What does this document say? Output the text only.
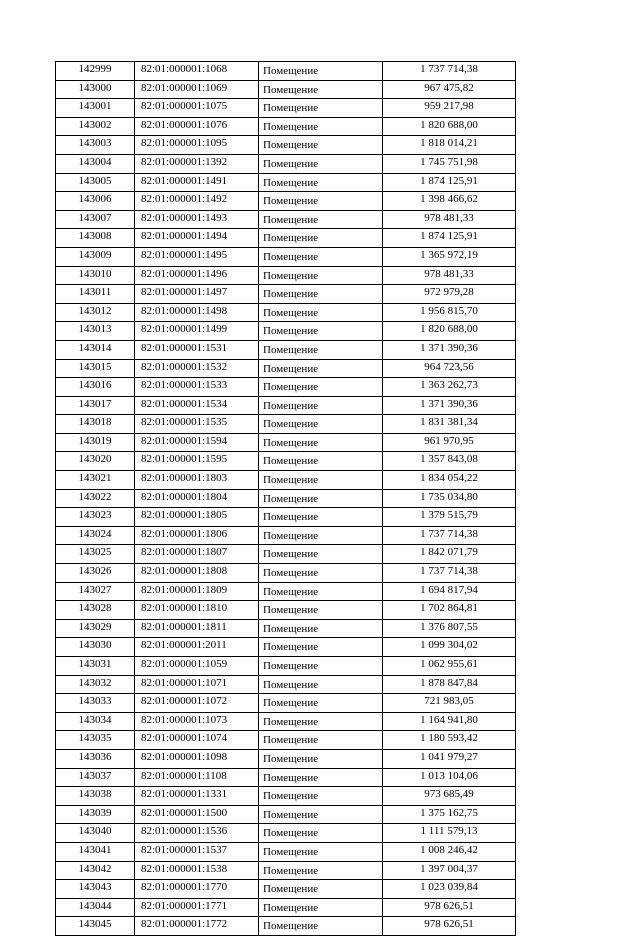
142999	82:01:000001:1068	Помещение	1 737 714,38
143000	82:01:000001:1069	Помещение	967 475,82
143001	82:01:000001:1075	Помещение	959 217,98
143002	82:01:000001:1076	Помещение	1 820 688,00
143003	82:01:000001:1095	Помещение	1 818 014,21
143004	82:01:000001:1392	Помещение	1 745 751,98
143005	82:01:000001:1491	Помещение	1 874 125,91
143006	82:01:000001:1492	Помещение	1 398 466,62
143007	82:01:000001:1493	Помещение	978 481,33
143008	82:01:000001:1494	Помещение	1 874 125,91
143009	82:01:000001:1495	Помещение	1 365 972,19
143010	82:01:000001:1496	Помещение	978 481,33
143011	82:01:000001:1497	Помещение	972 979,28
143012	82:01:000001:1498	Помещение	1 956 815,70
143013	82:01:000001:1499	Помещение	1 820 688,00
143014	82:01:000001:1531	Помещение	1 371 390,36
143015	82:01:000001:1532	Помещение	964 723,56
143016	82:01:000001:1533	Помещение	1 363 262,73
143017	82:01:000001:1534	Помещение	1 371 390,36
143018	82:01:000001:1535	Помещение	1 831 381,34
143019	82:01:000001:1594	Помещение	961 970,95
143020	82:01:000001:1595	Помещение	1 357 843,08
143021	82:01:000001:1803	Помещение	1 834 054,22
143022	82:01:000001:1804	Помещение	1 735 034,80
143023	82:01:000001:1805	Помещение	1 379 515,79
143024	82:01:000001:1806	Помещение	1 737 714,38
143025	82:01:000001:1807	Помещение	1 842 071,79
143026	82:01:000001:1808	Помещение	1 737 714,38
143027	82:01:000001:1809	Помещение	1 694 817,94
143028	82:01:000001:1810	Помещение	1 702 864,81
143029	82:01:000001:1811	Помещение	1 376 807,55
143030	82:01:000001:2011	Помещение	1 099 304,02
143031	82:01:000001:1059	Помещение	1 062 955,61
143032	82:01:000001:1071	Помещение	1 878 847,84
143033	82:01:000001:1072	Помещение	721 983,05
143034	82:01:000001:1073	Помещение	1 164 941,80
143035	82:01:000001:1074	Помещение	1 180 593,42
143036	82:01:000001:1098	Помещение	1 041 979,27
143037	82:01:000001:1108	Помещение	1 013 104,06
143038	82:01:000001:1331	Помещение	973 685,49
143039	82:01:000001:1500	Помещение	1 375 162,75
143040	82:01:000001:1536	Помещение	1 111 579,13
143041	82:01:000001:1537	Помещение	1 008 246,42
143042	82:01:000001:1538	Помещение	1 397 004,37
143043	82:01:000001:1770	Помещение	1 023 039,84
143044	82:01:000001:1771	Помещение	978 626,51
143045	82:01:000001:1772	Помещение	978 626,51
